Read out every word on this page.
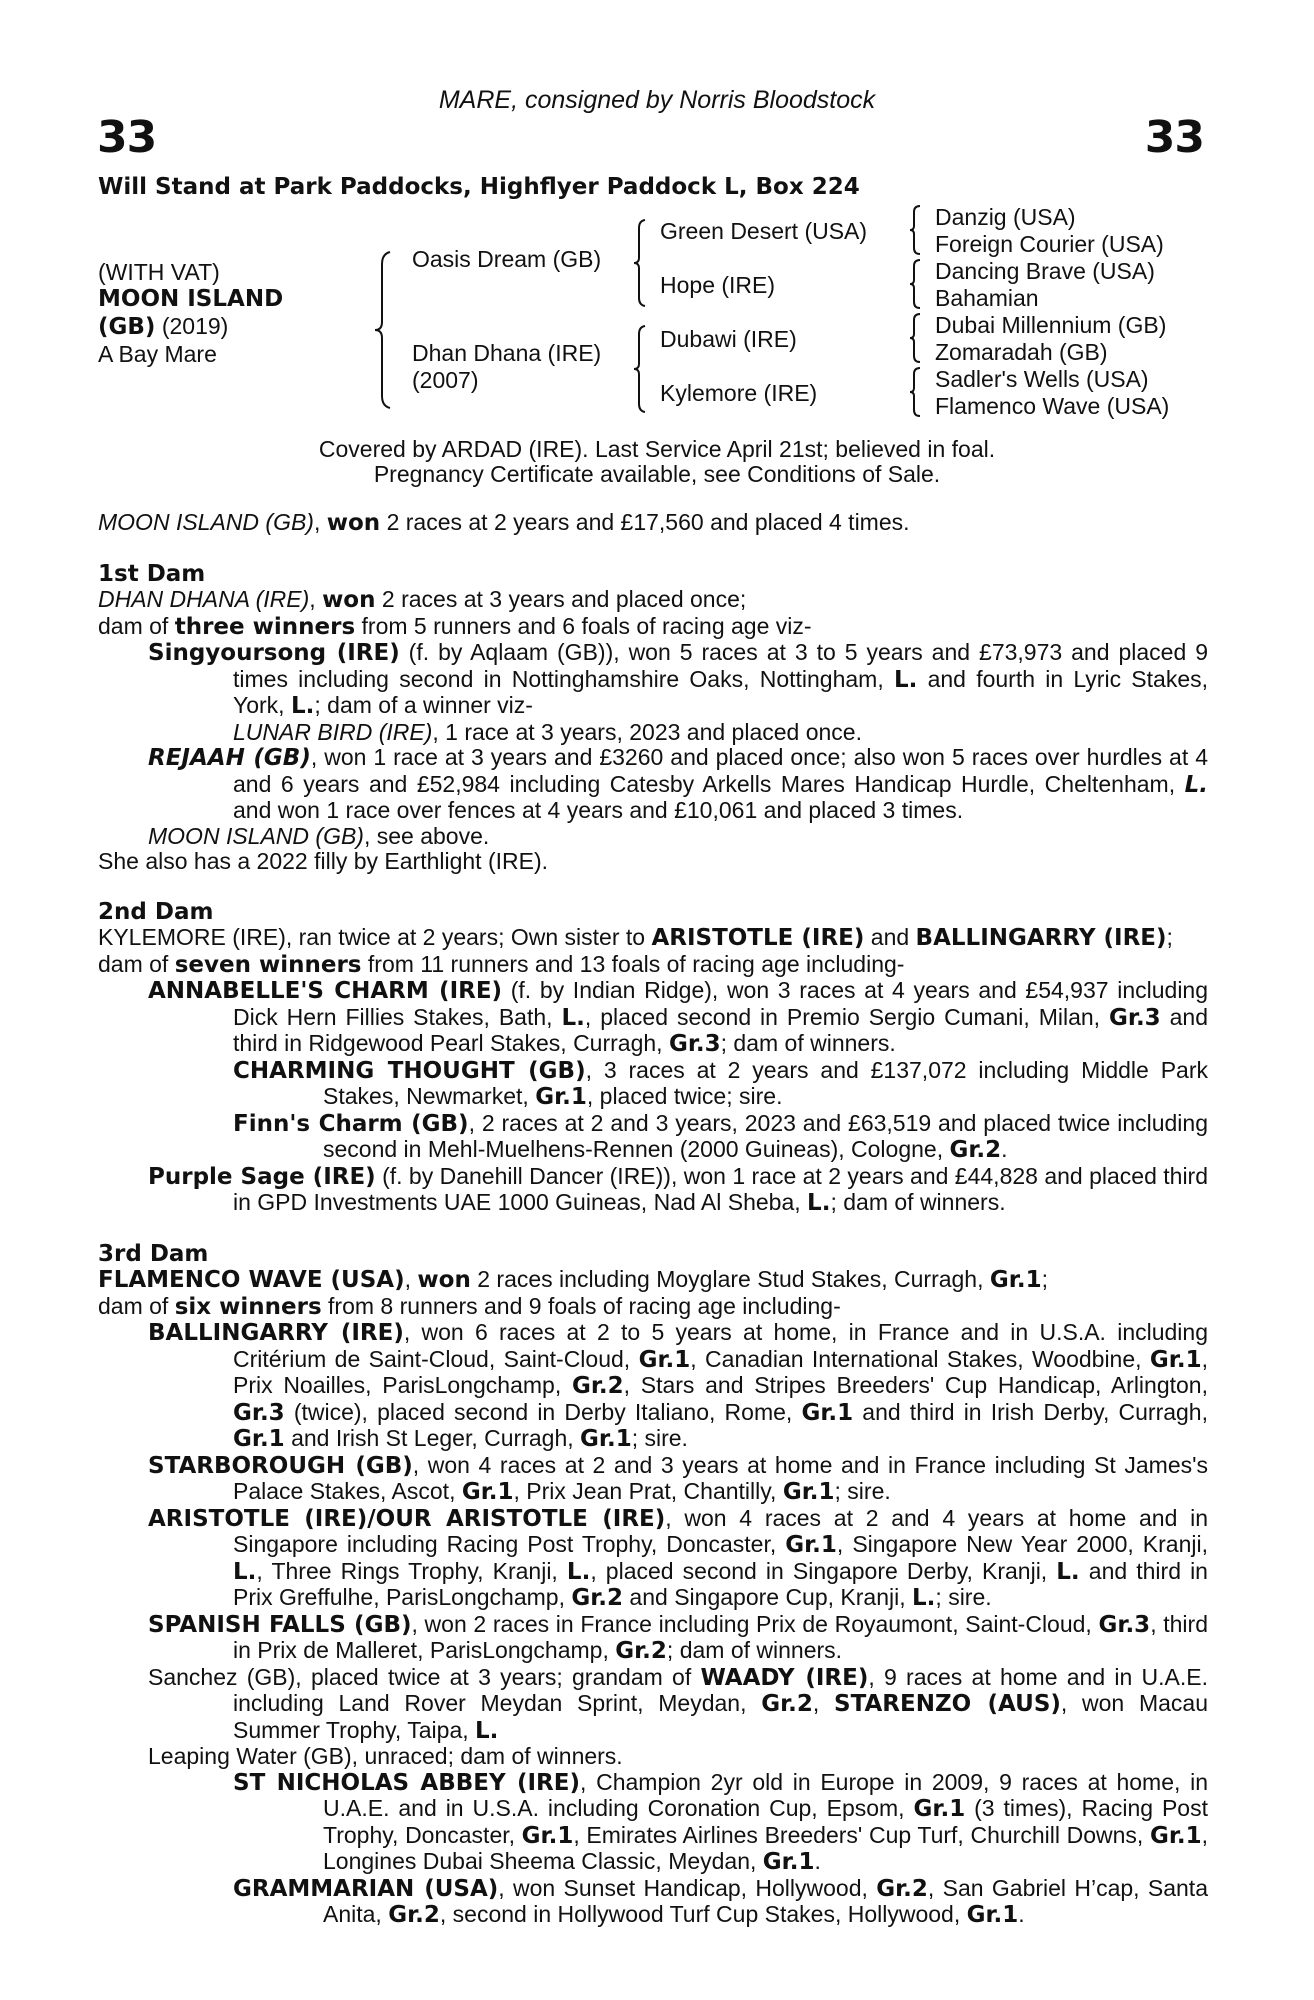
MARE, consigned by Norris Bloodstock
33	33
Will Stand at Park Paddocks, Highflyer Paddock L, Box 224
(WITH VAT)
MOON ISLAND
(GB) (2019)
A Bay Mare
Oasis Dream (GB)
Dhan Dhana (IRE)
(2007)
Green Desert (USA)
Hope (IRE)
Dubawi (IRE)
Kylemore (IRE)
Danzig (USA)
Foreign Courier (USA)
Dancing Brave (USA)
Bahamian
Dubai Millennium (GB)
Zomaradah (GB)
Sadler's Wells (USA)
Flamenco Wave (USA)
Covered by ARDAD (IRE). Last Service April 21st; believed in foal.
Pregnancy Certificate available, see Conditions of Sale.

MOON ISLAND (GB), won 2 races at 2 years and £17,560 and placed 4 times.

1st Dam

DHAN DHANA (IRE), won 2 races at 3 years and placed once;

dam of three winners from 5 runners and 6 foals of racing age viz-

Singyoursong (IRE) (f. by Aqlaam (GB)), won 5 races at 3 to 5 years and £73,973 and placed 9 times including second in Nottinghamshire Oaks, Nottingham, L. and fourth in Lyric Stakes, York, L.; dam of a winner viz-

LUNAR BIRD (IRE), 1 race at 3 years, 2023 and placed once.

REJAAH (GB), won 1 race at 3 years and £3260 and placed once; also won 5 races over hurdles at 4 and 6 years and £52,984 including Catesby Arkells Mares Handicap Hurdle, Cheltenham, L. and won 1 race over fences at 4 years and £10,061 and placed 3 times.

MOON ISLAND (GB), see above.

She also has a 2022 filly by Earthlight (IRE).

2nd Dam

KYLEMORE (IRE), ran twice at 2 years; Own sister to ARISTOTLE (IRE) and BALLINGARRY (IRE);

dam of seven winners from 11 runners and 13 foals of racing age including-

ANNABELLE'S CHARM (IRE) (f. by Indian Ridge), won 3 races at 4 years and £54,937 including Dick Hern Fillies Stakes, Bath, L., placed second in Premio Sergio Cumani, Milan, Gr.3 and third in Ridgewood Pearl Stakes, Curragh, Gr.3; dam of winners.

CHARMING THOUGHT (GB), 3 races at 2 years and £137,072 including Middle Park Stakes, Newmarket, Gr.1, placed twice; sire.

Finn's Charm (GB), 2 races at 2 and 3 years, 2023 and £63,519 and placed twice including second in Mehl-Muelhens-Rennen (2000 Guineas), Cologne, Gr.2.

Purple Sage (IRE) (f. by Danehill Dancer (IRE)), won 1 race at 2 years and £44,828 and placed third in GPD Investments UAE 1000 Guineas, Nad Al Sheba, L.; dam of winners.

3rd Dam

FLAMENCO WAVE (USA), won 2 races including Moyglare Stud Stakes, Curragh, Gr.1;

dam of six winners from 8 runners and 9 foals of racing age including-

BALLINGARRY (IRE), won 6 races at 2 to 5 years at home, in France and in U.S.A. including Critérium de Saint-Cloud, Saint-Cloud, Gr.1, Canadian International Stakes, Woodbine, Gr.1, Prix Noailles, ParisLongchamp, Gr.2, Stars and Stripes Breeders' Cup Handicap, Arlington, Gr.3 (twice), placed second in Derby Italiano, Rome, Gr.1 and third in Irish Derby, Curragh, Gr.1 and Irish St Leger, Curragh, Gr.1; sire.

STARBOROUGH (GB), won 4 races at 2 and 3 years at home and in France including St James's Palace Stakes, Ascot, Gr.1, Prix Jean Prat, Chantilly, Gr.1; sire.

ARISTOTLE (IRE)/OUR ARISTOTLE (IRE), won 4 races at 2 and 4 years at home and in Singapore including Racing Post Trophy, Doncaster, Gr.1, Singapore New Year 2000, Kranji, L., Three Rings Trophy, Kranji, L., placed second in Singapore Derby, Kranji, L. and third in Prix Greffulhe, ParisLongchamp, Gr.2 and Singapore Cup, Kranji, L.; sire.

SPANISH FALLS (GB), won 2 races in France including Prix de Royaumont, Saint-Cloud, Gr.3, third in Prix de Malleret, ParisLongchamp, Gr.2; dam of winners.

Sanchez (GB), placed twice at 3 years; grandam of WAADY (IRE), 9 races at home and in U.A.E. including Land Rover Meydan Sprint, Meydan, Gr.2, STARENZO (AUS), won Macau Summer Trophy, Taipa, L.

Leaping Water (GB), unraced; dam of winners.

ST NICHOLAS ABBEY (IRE), Champion 2yr old in Europe in 2009, 9 races at home, in U.A.E. and in U.S.A. including Coronation Cup, Epsom, Gr.1 (3 times), Racing Post Trophy, Doncaster, Gr.1, Emirates Airlines Breeders' Cup Turf, Churchill Downs, Gr.1, Longines Dubai Sheema Classic, Meydan, Gr.1.

GRAMMARIAN (USA), won Sunset Handicap, Hollywood, Gr.2, San Gabriel H’cap, Santa Anita, Gr.2, second in Hollywood Turf Cup Stakes, Hollywood, Gr.1.
